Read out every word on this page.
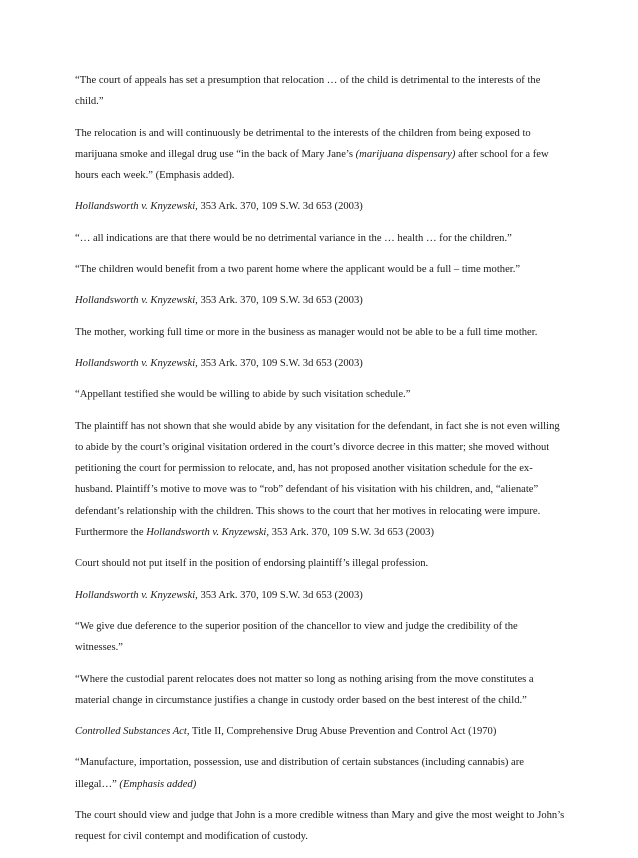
“The court of appeals has set a presumption that relocation … of the child is detrimental to the interests of the child.”

The relocation is and will continuously be detrimental to the interests of the children from being exposed to marijuana smoke and illegal drug use “in the back of Mary Jane’s (marijuana dispensary) after school for a few hours each week.” (Emphasis added).

Hollandsworth v. Knyzewski, 353 Ark. 370, 109 S.W. 3d 653 (2003)

“… all indications are that there would be no detrimental variance in the … health … for the children.”

“The children would benefit from a two parent home where the applicant would be a full – time mother.”

Hollandsworth v. Knyzewski, 353 Ark. 370, 109 S.W. 3d 653 (2003)

The mother, working full time or more in the business as manager would not be able to be a full time mother.

Hollandsworth v. Knyzewski, 353 Ark. 370, 109 S.W. 3d 653 (2003)

“Appellant testified she would be willing to abide by such visitation schedule.”

The plaintiff has not shown that she would abide by any visitation for the defendant, in fact she is not even willing to abide by the court’s original visitation ordered in the court’s divorce decree in this matter; she moved without petitioning the court for permission to relocate, and, has not proposed another visitation schedule for the ex-husband. Plaintiff’s motive to move was to “rob” defendant of his visitation with his children, and, “alienate” defendant’s relationship with the children. This shows to the court that her motives in relocating were impure. Furthermore the Hollandsworth v. Knyzewski, 353 Ark. 370, 109 S.W. 3d 653 (2003)

Court should not put itself in the position of endorsing plaintiff’s illegal profession.

Hollandsworth v. Knyzewski, 353 Ark. 370, 109 S.W. 3d 653 (2003)

“We give due deference to the superior position of the chancellor to view and judge the credibility of the witnesses.”

“Where the custodial parent relocates does not matter so long as nothing arising from the move constitutes a material change in circumstance justifies a change in custody order based on the best interest of the child.”

Controlled Substances Act, Title II, Comprehensive Drug Abuse Prevention and Control Act (1970)

“Manufacture, importation, possession, use and distribution of certain substances (including cannabis) are illegal…” (Emphasis added)

The court should view and judge that John is a more credible witness than Mary and give the most weight to John’s request for civil contempt and modification of custody.
